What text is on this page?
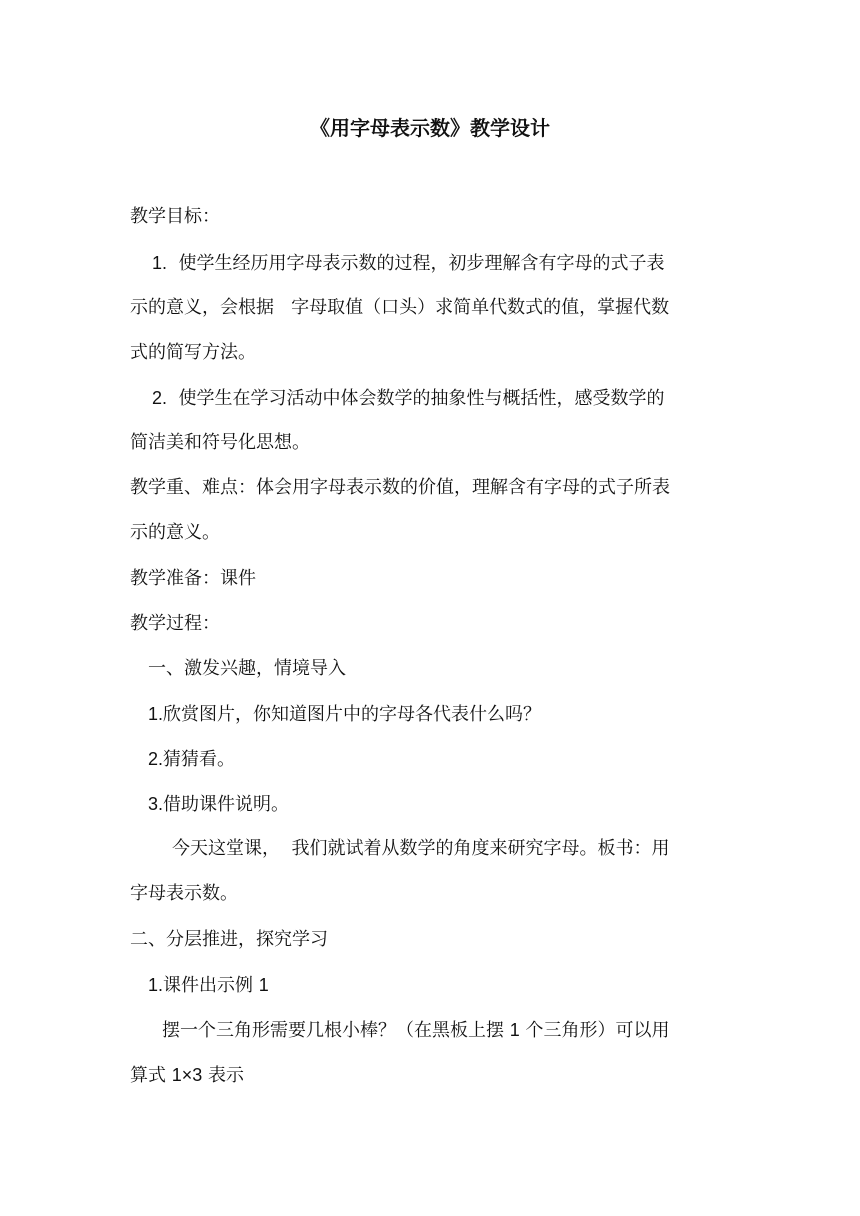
《用字母表示数》教学设计
教学目标：
1. 使学生经历用字母表示数的过程，初步理解含有字母的式子表
示的意义，会根据   字母取值（口头）求简单代数式的值，掌握代数
式的简写方法。
2. 使学生在学习活动中体会数学的抽象性与概括性，感受数学的
简洁美和符号化思想。
教学重、难点：体会用字母表示数的价值，理解含有字母的式子所表
示的意义。
教学准备：课件
教学过程：
一、激发兴趣，情境导入
1.欣赏图片，你知道图片中的字母各代表什么吗？
2.猜猜看。
3.借助课件说明。
今天这堂课，  我们就试着从数学的角度来研究字母。板书：用
字母表示数。
二、分层推进，探究学习
1.课件出示例 1
摆一个三角形需要几根小棒？（在黑板上摆 1 个三角形）可以用
算式 1×3 表示
